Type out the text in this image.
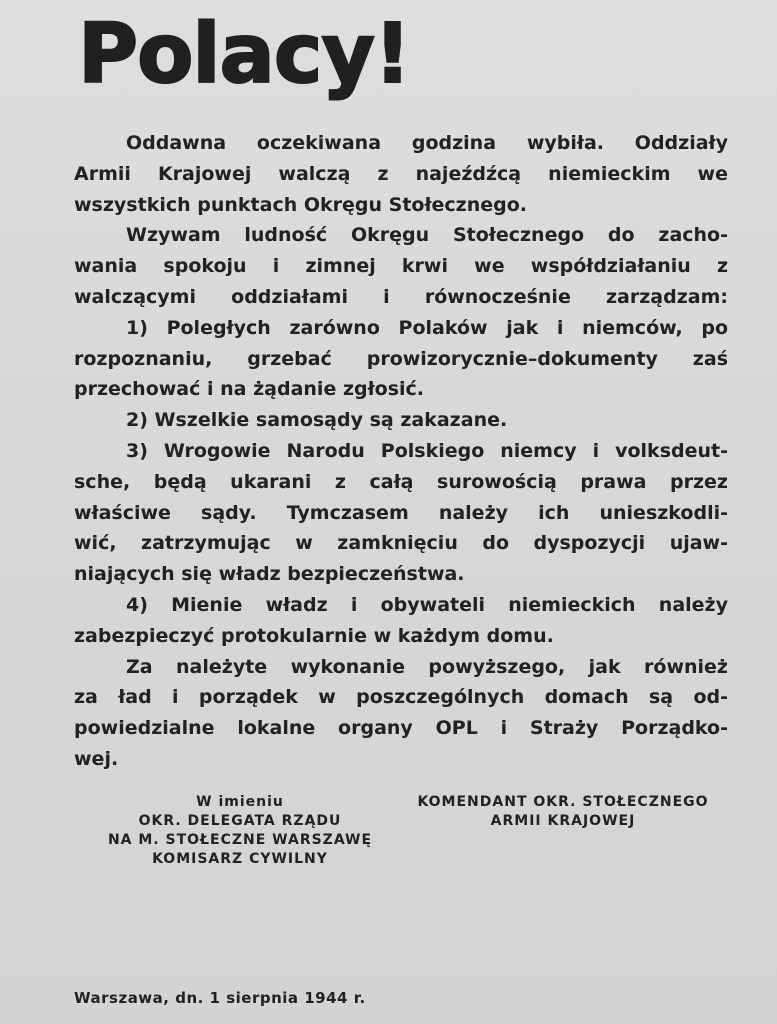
Polacy!
Oddawna oczekiwana godzina wybiła. Oddziały
Armii Krajowej walczą z najeźdźcą niemieckim we
wszystkich punktach Okręgu Stołecznego.
Wzywam ludność Okręgu Stołecznego do zacho-
wania spokoju i zimnej krwi we współdziałaniu z
walczącymi oddziałami i równocześnie zarządzam:
1) Poległych zarówno Polaków jak i niemców, po
rozpoznaniu, grzebać prowizorycznie–dokumenty zaś
przechować i na żądanie zgłosić.
2) Wszelkie samosądy są zakazane.
3) Wrogowie Narodu Polskiego niemcy i volksdeut-
sche, będą ukarani z całą surowością prawa przez
właściwe sądy. Tymczasem należy ich unieszkodli-
wić, zatrzymując w zamknięciu do dyspozycji ujaw-
niających się władz bezpieczeństwa.
4) Mienie władz i obywateli niemieckich należy
zabezpieczyć protokularnie w każdym domu.
Za należyte wykonanie powyższego, jak również
za ład i porządek w poszczególnych domach są od-
powiedzialne lokalne organy OPL i Straży Porządko-
wej.
W imieniu
OKR. DELEGATA RZĄDU
NA M. STOŁECZNE WARSZAWĘ
KOMISARZ CYWILNY
KOMENDANT OKR. STOŁECZNEGO
ARMII KRAJOWEJ
Warszawa, dn. 1 sierpnia 1944 r.
